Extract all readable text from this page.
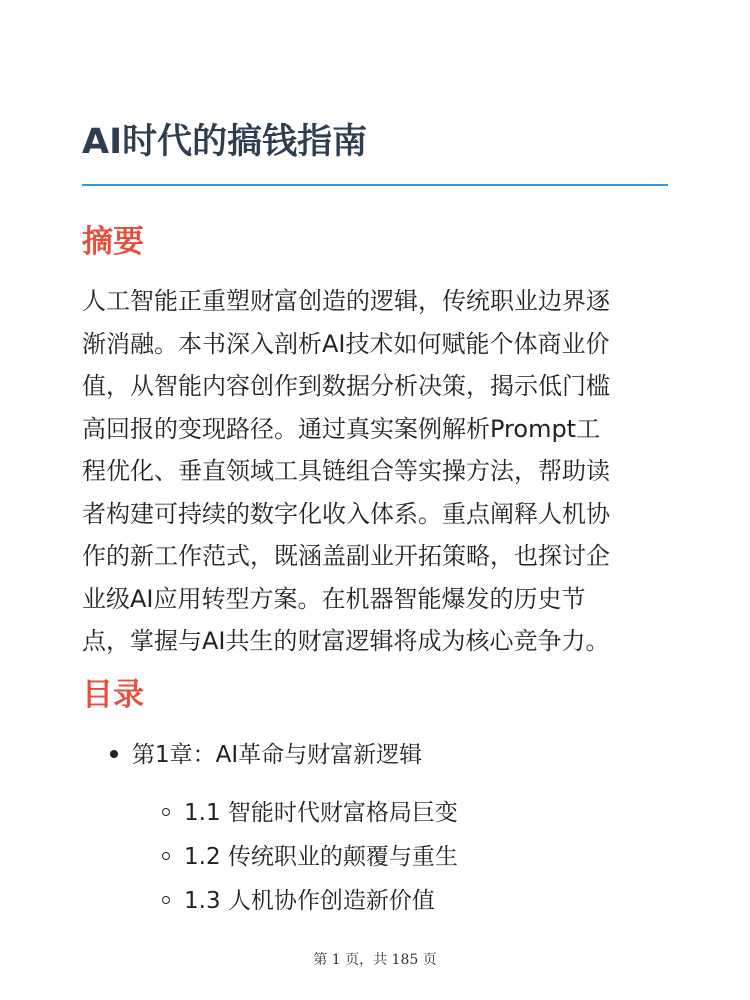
AI时代的搞钱指南
摘要

人工智能正重塑财富创造的逻辑，传统职业边界逐
渐消融。本书深入剖析AI技术如何赋能个体商业价
值，从智能内容创作到数据分析决策，揭示低门槛
高回报的变现路径。通过真实案例解析Prompt工
程优化、垂直领域工具链组合等实操方法，帮助读
者构建可持续的数字化收入体系。重点阐释人机协
作的新工作范式，既涵盖副业开拓策略，也探讨企
业级AI应用转型方案。在机器智能爆发的历史节
点，掌握与AI共生的财富逻辑将成为核心竞争力。

目录
第1章：AI革命与财富新逻辑
1.1 智能时代财富格局巨变
1.2 传统职业的颠覆与重生
1.3 人机协作创造新价值
第 1 页，共 185 页
